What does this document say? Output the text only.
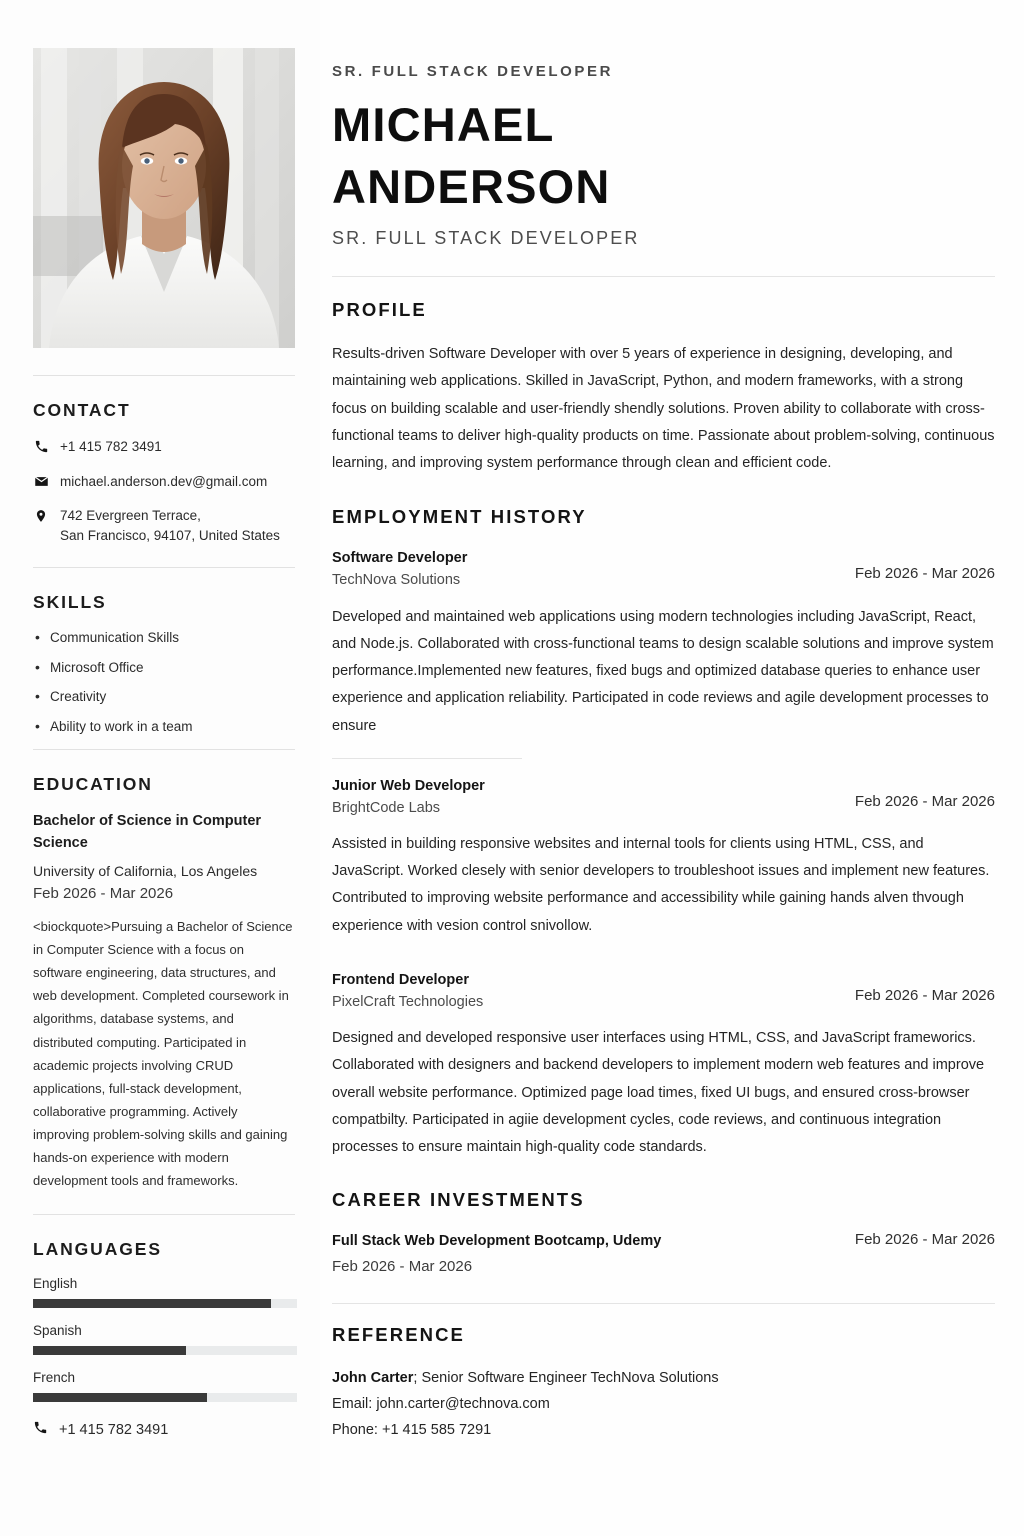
CONTACT
+1 415 782 3491
michael.anderson.dev@gmail.com
742 Evergreen Terrace,
San Francisco, 94107, United States
SKILLS
• Communication Skills
• Microsoft Office
• Creativity
• Ability to work in a team
EDUCATION
Bachelor of Science in Computer Science
University of California, Los Angeles
Feb 2026 - Mar 2026
<biockquote>Pursuing a Bachelor of Science in Computer Science with a focus on software engineering, data structures, and web development. Completed coursework in algorithms, database systems, and distributed computing. Participated in academic projects involving CRUD applications, full-stack development, collaborative programming. Actively improving problem-solving skills and gaining hands-on experience with modern development tools and frameworks.
LANGUAGES
English
Spanish
French
+1 415 782 3491
SR. FULL STACK DEVELOPER
MICHAEL
ANDERSON
SR. FULL STACK DEVELOPER
PROFILE

Results-driven Software Developer with over 5 years of experience in designing, developing, and maintaining web applications. Skilled in JavaScript, Python, and modern frameworks, with a strong focus on building scalable and user-friendly shendly solutions. Proven ability to collaborate with cross-functional teams to deliver high-quality products on time. Passionate about problem-solving, continuous learning, and improving system performance through clean and efficient code.

EMPLOYMENT HISTORY
Software Developer
TechNova Solutions	Feb 2026 - Mar 2026

Developed and maintained web applications using modern technologies including JavaScript, React, and Node.js. Collaborated with cross-functional teams to design scalable solutions and improve system performance.Implemented new features, fixed bugs and optimized database queries to enhance user experience and application reliability. Participated in code reviews and agile development processes to ensure

Junior Web Developer
BrightCode Labs	Feb 2026 - Mar 2026

Assisted in building responsive websites and internal tools for clients using HTML, CSS, and JavaScript. Worked clesely with senior developers to troubleshoot issues and implement new features. Contributed to improving website performance and accessibility while gaining hands alven thvough experience with vesion control snivollow.

Frontend Developer
PixelCraft Technologies	Feb 2026 - Mar 2026

Designed and developed responsive user interfaces using HTML, CSS, and JavaScript frameworics. Collaborated with designers and backend developers to implement modern web features and improve overall website performance. Optimized page load times, fixed UI bugs, and ensured cross-browser compatbilty. Participated in agiie development cycles, code reviews, and continuous integration processes to ensure maintain high-quality code standards.

CAREER INVESTMENTS
Full Stack Web Development Bootcamp, Udemy
Feb 2026 - Mar 2026
Feb 2026 - Mar 2026
REFERENCE
John Carter; Senior Software Engineer TechNova Solutions
Email: john.carter@technova.com
Phone: +1 415 585 7291
